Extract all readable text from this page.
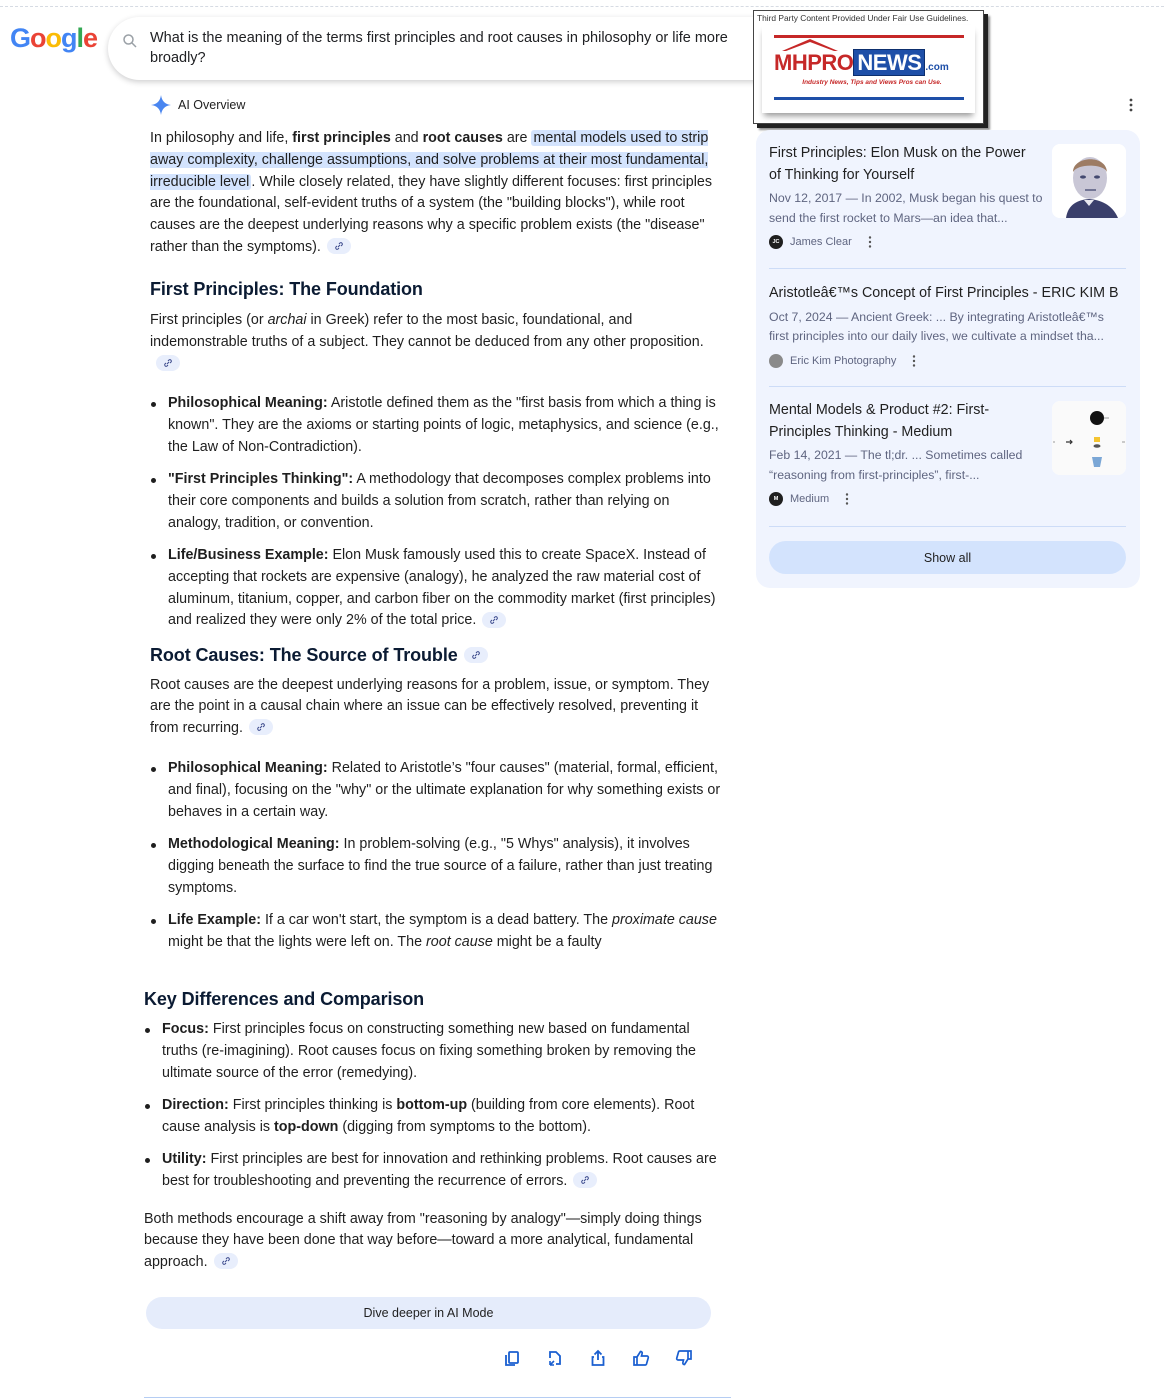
Google	What is the meaning of the terms first principles and root causes in philosophy or life more broadly?
Third Party Content Provided Under Fair Use Guidelines.
MHPRO NEWS .com
Industry News, Tips and Views Pros can Use.
AI Overview

In philosophy and life, first principles and root causes are mental models used to strip away complexity, challenge assumptions, and solve problems at their most fundamental, irreducible level . While closely related, they have slightly different focuses: first principles are the foundational, self-evident truths of a system (the "building blocks"), while root causes are the deepest underlying reasons why a specific problem exists (the "disease" rather than the symptoms).

First Principles: The Foundation

First principles (or archai in Greek) refer to the most basic, foundational, and indemonstrable truths of a subject. They cannot be deduced from any other proposition.

Philosophical Meaning: Aristotle defined them as the "first basis from which a thing is known". They are the axioms or starting points of logic, metaphysics, and science (e.g., the Law of Non-Contradiction).
"First Principles Thinking": A methodology that decomposes complex problems into their core components and builds a solution from scratch, rather than relying on analogy, tradition, or convention.
Life/Business Example: Elon Musk famously used this to create SpaceX. Instead of accepting that rockets are expensive (analogy), he analyzed the raw material cost of aluminum, titanium, copper, and carbon fiber on the commodity market (first principles) and realized they were only 2% of the total price.
Root Causes: The Source of Trouble

Root causes are the deepest underlying reasons for a problem, issue, or symptom. They are the point in a causal chain where an issue can be effectively resolved, preventing it from recurring.

Philosophical Meaning: Related to Aristotle’s "four causes" (material, formal, efficient, and final), focusing on the "why" or the ultimate explanation for why something exists or behaves in a certain way.
Methodological Meaning: In problem-solving (e.g., "5 Whys" analysis), it involves digging beneath the surface to find the true source of a failure, rather than just treating symptoms.
Life Example: If a car won't start, the symptom is a dead battery. The proximate cause might be that the lights were left on. The root cause might be a faulty
Key Differences and Comparison
Focus: First principles focus on constructing something new based on fundamental truths (re-imagining). Root causes focus on fixing something broken by removing the ultimate source of the error (remedying).
Direction: First principles thinking is bottom-up (building from core elements). Root cause analysis is top-down (digging from symptoms to the bottom).
Utility: First principles are best for innovation and rethinking problems. Root causes are best for troubleshooting and preventing the recurrence of errors.

Both methods encourage a shift away from "reasoning by analogy"—simply doing things because they have been done that way before—toward a more analytical, fundamental approach.

Dive deeper in AI Mode
First Principles: Elon Musk on the Power of Thinking for Yourself
Nov 12, 2017 — In 2002, Musk began his quest to send the first rocket to Mars—an idea that...
JC James Clear
Aristotleâ€™s Concept of First Principles - ERIC KIM B
Oct 7, 2024 — Ancient Greek: ... By integrating Aristotleâ€™s first principles into our daily lives, we cultivate a mindset tha...
Eric Kim Photography
Mental Models & Product #2: First-Principles Thinking - Medium
Feb 14, 2021 — The tl;dr. ... Sometimes called “reasoning from first-principles”, first-...
M	Medium
Show all
